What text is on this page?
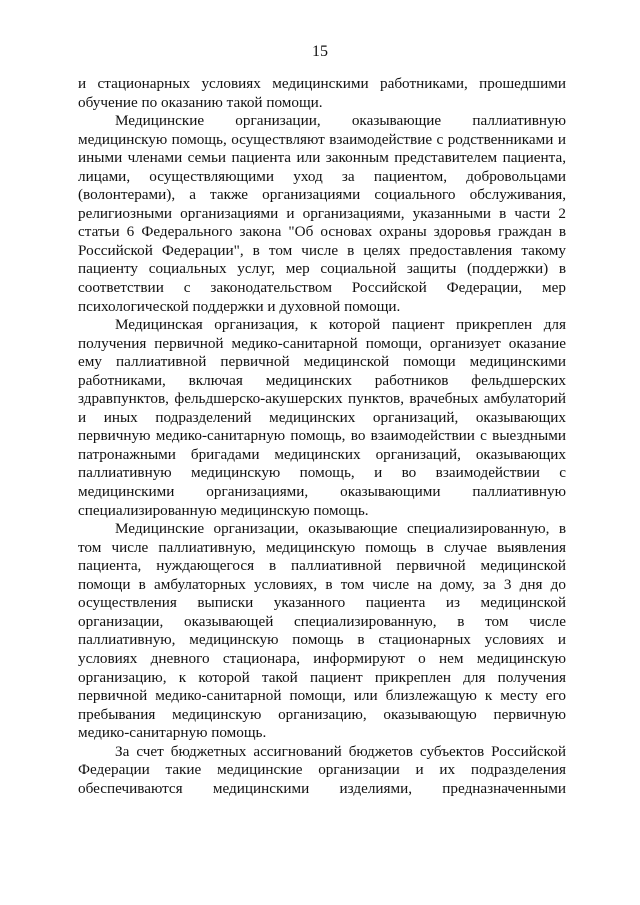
15

и стационарных условиях медицинскими работниками, прошедшими обучение по оказанию такой помощи.

Медицинские организации, оказывающие паллиативную медицинскую помощь, осуществляют взаимодействие с родственниками и иными членами семьи пациента или законным представителем пациента, лицами, осуществляющими уход за пациентом, добровольцами (волонтерами), а также организациями социального обслуживания, религиозными организациями и организациями, указанными в части 2 статьи 6 Федерального закона "Об основах охраны здоровья граждан в Российской Федерации", в том числе в целях предоставления такому пациенту социальных услуг, мер социальной защиты (поддержки) в соответствии с законодательством Российской Федерации, мер психологической поддержки и духовной помощи.

Медицинская организация, к которой пациент прикреплен для получения первичной медико-санитарной помощи, организует оказание ему паллиативной первичной медицинской помощи медицинскими работниками, включая медицинских работников фельдшерских здравпунктов, фельдшерско-акушерских пунктов, врачебных амбулаторий и иных подразделений медицинских организаций, оказывающих первичную медико-санитарную помощь, во взаимодействии с выездными патронажными бригадами медицинских организаций, оказывающих паллиативную медицинскую помощь, и во взаимодействии с медицинскими организациями, оказывающими паллиативную специализированную медицинскую помощь.

Медицинские организации, оказывающие специализированную, в том числе паллиативную, медицинскую помощь в случае выявления пациента, нуждающегося в паллиативной первичной медицинской помощи в амбулаторных условиях, в том числе на дому, за 3 дня до осуществления выписки указанного пациента из медицинской организации, оказывающей специализированную, в том числе паллиативную, медицинскую помощь в стационарных условиях и условиях дневного стационара, информируют о нем медицинскую организацию, к которой такой пациент прикреплен для получения первичной медико-санитарной помощи, или близлежащую к месту его пребывания медицинскую организацию, оказывающую первичную медико-санитарную помощь.

За счет бюджетных ассигнований бюджетов субъектов Российской Федерации такие медицинские организации и их подразделения обеспечиваются медицинскими изделиями, предназначенными
